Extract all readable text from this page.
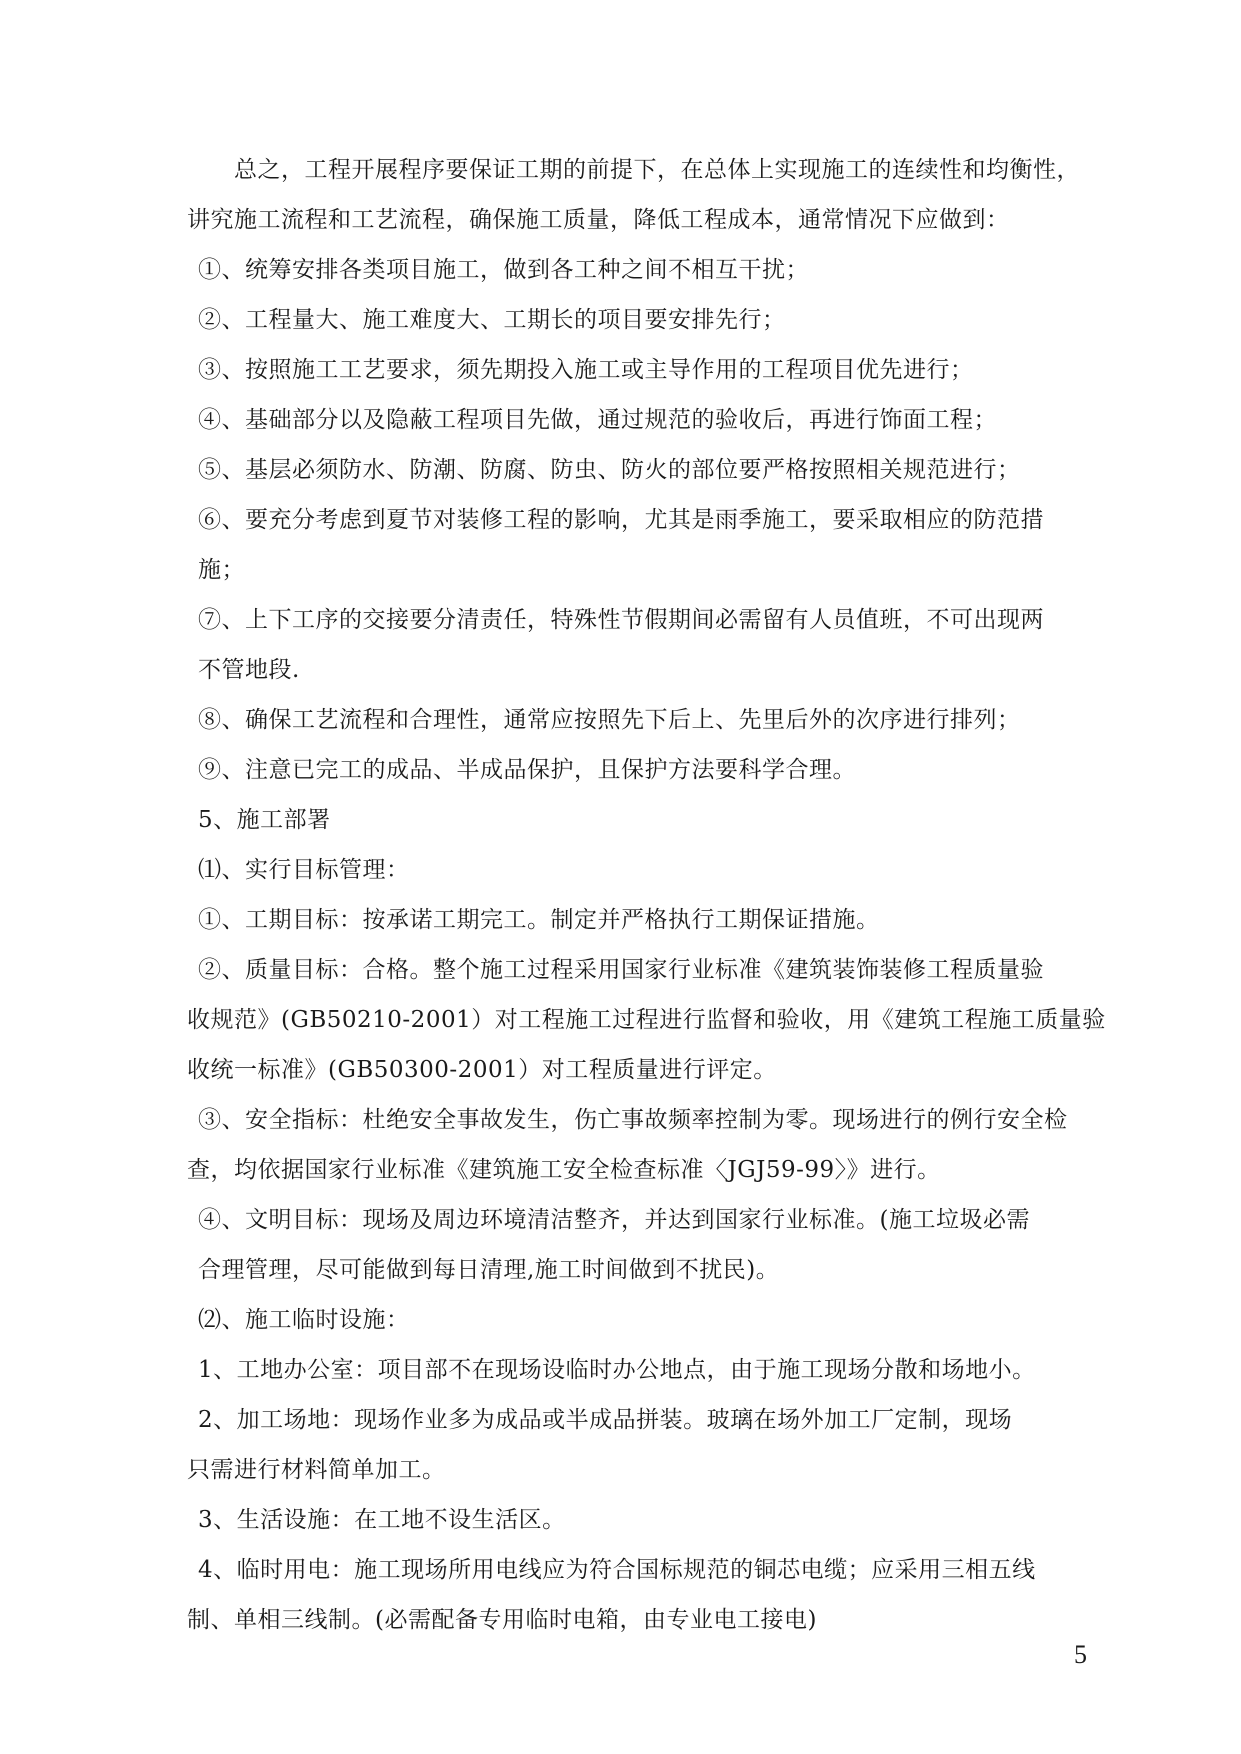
　　总之，工程开展程序要保证工期的前提下，在总体上实现施工的连续性和均衡性，
讲究施工流程和工艺流程，确保施工质量，降低工程成本，通常情况下应做到：
①、统筹安排各类项目施工，做到各工种之间不相互干扰；
②、工程量大、施工难度大、工期长的项目要安排先行；
③、按照施工工艺要求，须先期投入施工或主导作用的工程项目优先进行；
④、基础部分以及隐蔽工程项目先做，通过规范的验收后，再进行饰面工程；
⑤、基层必须防水、防潮、防腐、防虫、防火的部位要严格按照相关规范进行；
⑥、要充分考虑到夏节对装修工程的影响，尤其是雨季施工，要采取相应的防范措
施；
⑦、上下工序的交接要分清责任，特殊性节假期间必需留有人员值班，不可出现两
不管地段.
⑧、确保工艺流程和合理性，通常应按照先下后上、先里后外的次序进行排列；
⑨、注意已完工的成品、半成品保护，且保护方法要科学合理。
5、施工部署
⑴、实行目标管理：
①、工期目标：按承诺工期完工。制定并严格执行工期保证措施。
②、质量目标：合格。整个施工过程采用国家行业标准《建筑装饰装修工程质量验
收规范》(GB50210-2001）对工程施工过程进行监督和验收，用《建筑工程施工质量验
收统一标准》(GB50300-2001）对工程质量进行评定。
③、安全指标：杜绝安全事故发生，伤亡事故频率控制为零。现场进行的例行安全检
查，均依据国家行业标准《建筑施工安全检查标准〈JGJ59-99〉》进行。
④、文明目标：现场及周边环境清洁整齐，并达到国家行业标准。(施工垃圾必需
合理管理，尽可能做到每日清理,施工时间做到不扰民)。
⑵、施工临时设施：
1、工地办公室：项目部不在现场设临时办公地点，由于施工现场分散和场地小。
2、加工场地：现场作业多为成品或半成品拼装。玻璃在场外加工厂定制，现场
只需进行材料简单加工。
3、生活设施：在工地不设生活区。
4、临时用电：施工现场所用电线应为符合国标规范的铜芯电缆；应采用三相五线
制、单相三线制。(必需配备专用临时电箱，由专业电工接电)
5
